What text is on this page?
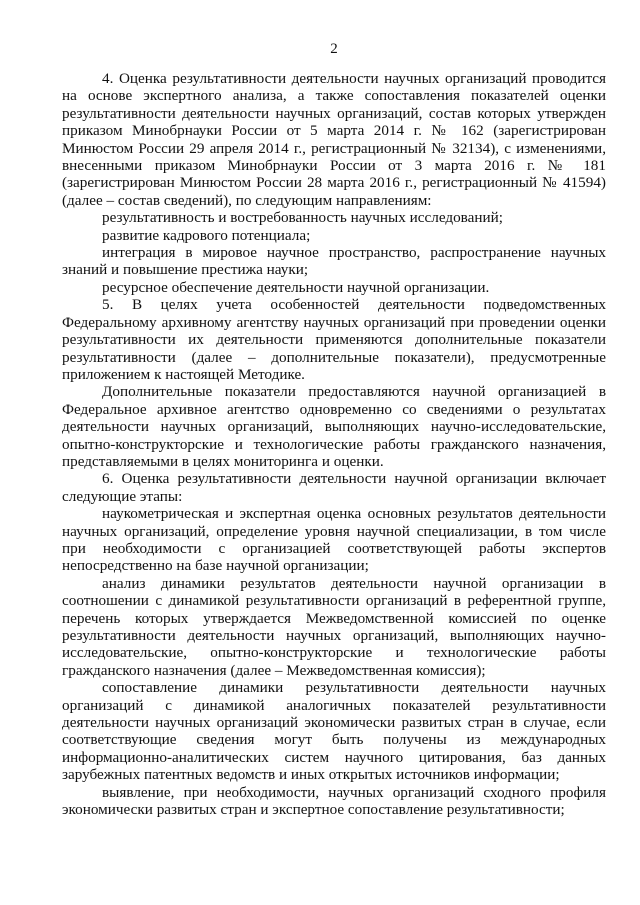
2

4. Оценка результативности деятельности научных организаций проводится на основе экспертного анализа, а также сопоставления показателей оценки результативности деятельности научных организаций, состав которых утвержден приказом Минобрнауки России от 5 марта 2014 г. № 162 (зарегистрирован Минюстом России 29 апреля 2014 г., регистрационный № 32134), с изменениями, внесенными приказом Минобрнауки России от 3 марта 2016 г. № 181 (зарегистрирован Минюстом России 28 марта 2016 г., регистрационный № 41594) (далее – состав сведений), по следующим направлениям:

результативность и востребованность научных исследований;

развитие кадрового потенциала;

интеграция в мировое научное пространство, распространение научных знаний и повышение престижа науки;

ресурсное обеспечение деятельности научной организации.

5. В целях учета особенностей деятельности подведомственных Федеральному архивному агентству научных организаций при проведении оценки результативности их деятельности применяются дополнительные показатели результативности (далее – дополнительные показатели), предусмотренные приложением к настоящей Методике.

Дополнительные показатели предоставляются научной организацией в Федеральное архивное агентство одновременно со сведениями о результатах деятельности научных организаций, выполняющих научно-исследовательские, опытно-конструкторские и технологические работы гражданского назначения, представляемыми в целях мониторинга и оценки.

6. Оценка результативности деятельности научной организации включает следующие этапы:

наукометрическая и экспертная оценка основных результатов деятельности научных организаций, определение уровня научной специализации, в том числе при необходимости с организацией соответствующей работы экспертов непосредственно на базе научной организации;

анализ динамики результатов деятельности научной организации в соотношении с динамикой результативности организаций в референтной группе, перечень которых утверждается Межведомственной комиссией по оценке результативности деятельности научных организаций, выполняющих научно-исследовательские, опытно-конструкторские и технологические работы гражданского назначения (далее – Межведомственная комиссия);

сопоставление динамики результативности деятельности научных организаций с динамикой аналогичных показателей результативности деятельности научных организаций экономически развитых стран в случае, если соответствующие сведения могут быть получены из международных информационно-аналитических систем научного цитирования, баз данных зарубежных патентных ведомств и иных открытых источников информации;

выявление, при необходимости, научных организаций сходного профиля экономически развитых стран и экспертное сопоставление результативности;
